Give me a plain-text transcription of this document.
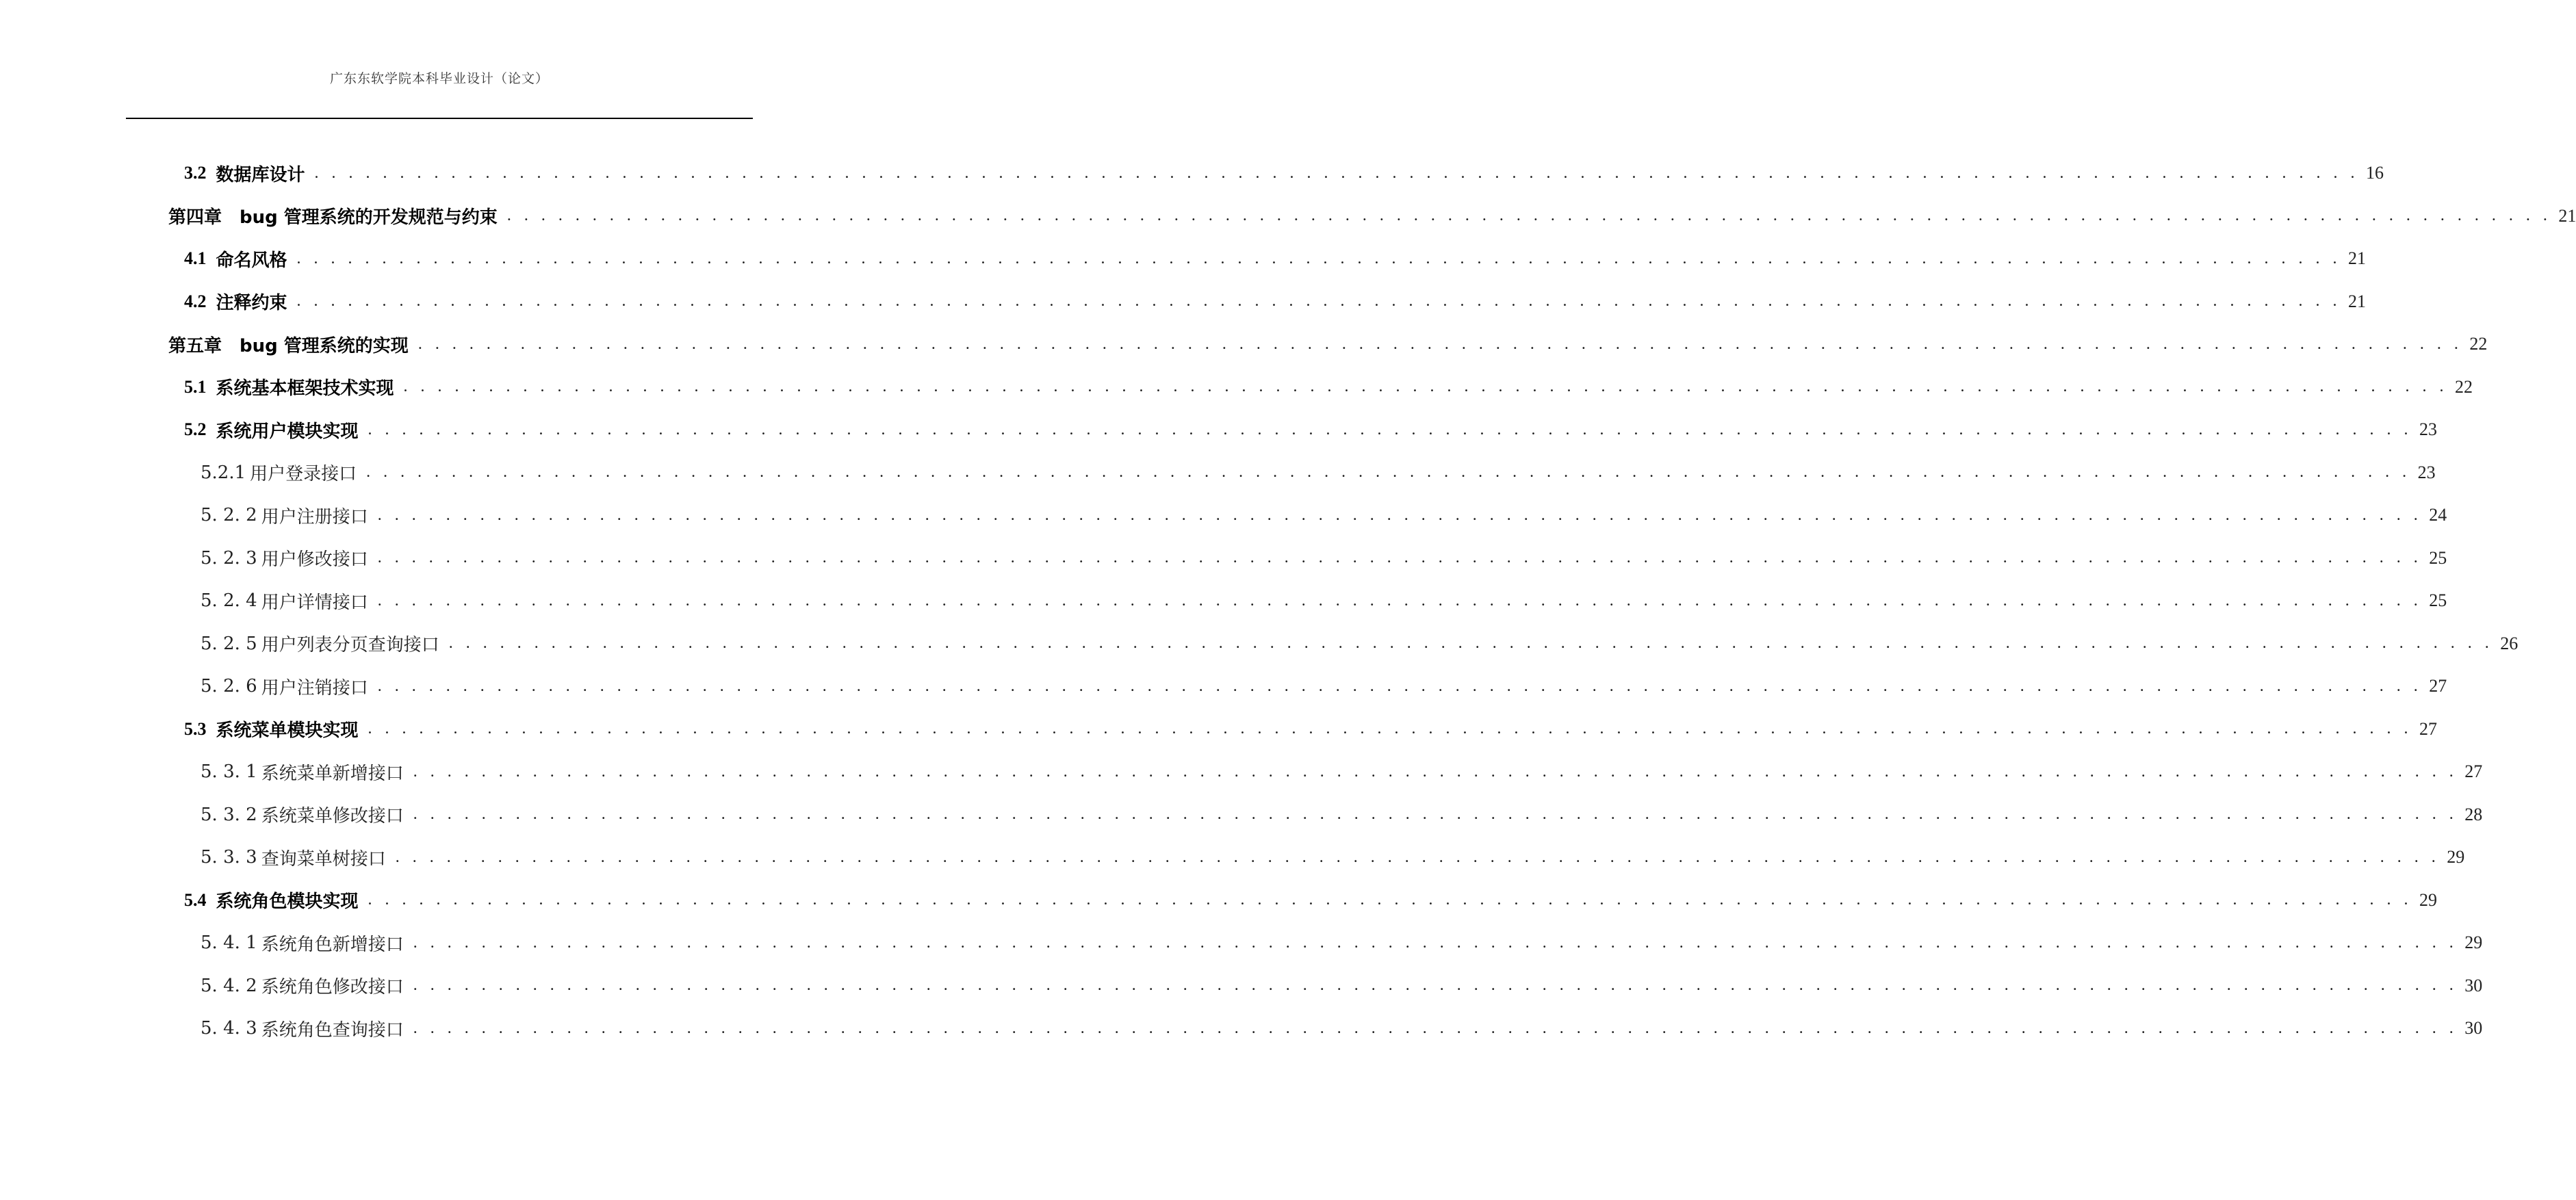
广东东软学院本科毕业设计（论文）
3.2 数据库设计 . . . . . . . . . . . . . . . . . . . . . . . . . . . . . . . . . . . . . . . . . . . . . . . . . . . . . . . . . . . . . . . . . . . . . . . . . . . . . . . . . . . . . . . . . . . . . . . . . . . . . . . . . . . . . . . . . . . . . . . . 16
第四章 bug 管理系统的开发规范与约束 . . . . . . . . . . . . . . . . . . . . . . . . . . . . . . . . . . . . . . . . . . . . . . . . . . . . . . . . . . . . . . . . . . . . . . . . . . . . . . . . . . . . . . . . . . . . . . . . . . . . . . . . . . . . . . . . . . . . . . . . 21
4.1 命名风格 . . . . . . . . . . . . . . . . . . . . . . . . . . . . . . . . . . . . . . . . . . . . . . . . . . . . . . . . . . . . . . . . . . . . . . . . . . . . . . . . . . . . . . . . . . . . . . . . . . . . . . . . . . . . . . . . . . . . . . . . 21
4.2 注释约束 . . . . . . . . . . . . . . . . . . . . . . . . . . . . . . . . . . . . . . . . . . . . . . . . . . . . . . . . . . . . . . . . . . . . . . . . . . . . . . . . . . . . . . . . . . . . . . . . . . . . . . . . . . . . . . . . . . . . . . . . 21
第五章 bug 管理系统的实现 . . . . . . . . . . . . . . . . . . . . . . . . . . . . . . . . . . . . . . . . . . . . . . . . . . . . . . . . . . . . . . . . . . . . . . . . . . . . . . . . . . . . . . . . . . . . . . . . . . . . . . . . . . . . . . . . . . . . . . . . 22
5.1 系统基本框架技术实现 . . . . . . . . . . . . . . . . . . . . . . . . . . . . . . . . . . . . . . . . . . . . . . . . . . . . . . . . . . . . . . . . . . . . . . . . . . . . . . . . . . . . . . . . . . . . . . . . . . . . . . . . . . . . . . . . . . . . . . . . 22
5.2 系统用户模块实现 . . . . . . . . . . . . . . . . . . . . . . . . . . . . . . . . . . . . . . . . . . . . . . . . . . . . . . . . . . . . . . . . . . . . . . . . . . . . . . . . . . . . . . . . . . . . . . . . . . . . . . . . . . . . . . . . . . . . . . . . 23
5.2.1 用户登录接口 . . . . . . . . . . . . . . . . . . . . . . . . . . . . . . . . . . . . . . . . . . . . . . . . . . . . . . . . . . . . . . . . . . . . . . . . . . . . . . . . . . . . . . . . . . . . . . . . . . . . . . . . . . . . . . . . . . . . . . . . 23
5. 2. 2 用户注册接口 . . . . . . . . . . . . . . . . . . . . . . . . . . . . . . . . . . . . . . . . . . . . . . . . . . . . . . . . . . . . . . . . . . . . . . . . . . . . . . . . . . . . . . . . . . . . . . . . . . . . . . . . . . . . . . . . . . . . . . . . 24
5. 2. 3 用户修改接口 . . . . . . . . . . . . . . . . . . . . . . . . . . . . . . . . . . . . . . . . . . . . . . . . . . . . . . . . . . . . . . . . . . . . . . . . . . . . . . . . . . . . . . . . . . . . . . . . . . . . . . . . . . . . . . . . . . . . . . . . 25
5. 2. 4 用户详情接口 . . . . . . . . . . . . . . . . . . . . . . . . . . . . . . . . . . . . . . . . . . . . . . . . . . . . . . . . . . . . . . . . . . . . . . . . . . . . . . . . . . . . . . . . . . . . . . . . . . . . . . . . . . . . . . . . . . . . . . . . 25
5. 2. 5 用户列表分页查询接口 . . . . . . . . . . . . . . . . . . . . . . . . . . . . . . . . . . . . . . . . . . . . . . . . . . . . . . . . . . . . . . . . . . . . . . . . . . . . . . . . . . . . . . . . . . . . . . . . . . . . . . . . . . . . . . . . . . . . . . . . 26
5. 2. 6 用户注销接口 . . . . . . . . . . . . . . . . . . . . . . . . . . . . . . . . . . . . . . . . . . . . . . . . . . . . . . . . . . . . . . . . . . . . . . . . . . . . . . . . . . . . . . . . . . . . . . . . . . . . . . . . . . . . . . . . . . . . . . . . 27
5.3 系统菜单模块实现 . . . . . . . . . . . . . . . . . . . . . . . . . . . . . . . . . . . . . . . . . . . . . . . . . . . . . . . . . . . . . . . . . . . . . . . . . . . . . . . . . . . . . . . . . . . . . . . . . . . . . . . . . . . . . . . . . . . . . . . . 27
5. 3. 1 系统菜单新增接口 . . . . . . . . . . . . . . . . . . . . . . . . . . . . . . . . . . . . . . . . . . . . . . . . . . . . . . . . . . . . . . . . . . . . . . . . . . . . . . . . . . . . . . . . . . . . . . . . . . . . . . . . . . . . . . . . . . . . . . . . 27
5. 3. 2 系统菜单修改接口 . . . . . . . . . . . . . . . . . . . . . . . . . . . . . . . . . . . . . . . . . . . . . . . . . . . . . . . . . . . . . . . . . . . . . . . . . . . . . . . . . . . . . . . . . . . . . . . . . . . . . . . . . . . . . . . . . . . . . . . . 28
5. 3. 3 查询菜单树接口 . . . . . . . . . . . . . . . . . . . . . . . . . . . . . . . . . . . . . . . . . . . . . . . . . . . . . . . . . . . . . . . . . . . . . . . . . . . . . . . . . . . . . . . . . . . . . . . . . . . . . . . . . . . . . . . . . . . . . . . . 29
5.4 系统角色模块实现 . . . . . . . . . . . . . . . . . . . . . . . . . . . . . . . . . . . . . . . . . . . . . . . . . . . . . . . . . . . . . . . . . . . . . . . . . . . . . . . . . . . . . . . . . . . . . . . . . . . . . . . . . . . . . . . . . . . . . . . . 29
5. 4. 1 系统角色新增接口 . . . . . . . . . . . . . . . . . . . . . . . . . . . . . . . . . . . . . . . . . . . . . . . . . . . . . . . . . . . . . . . . . . . . . . . . . . . . . . . . . . . . . . . . . . . . . . . . . . . . . . . . . . . . . . . . . . . . . . . . 29
5. 4. 2 系统角色修改接口 . . . . . . . . . . . . . . . . . . . . . . . . . . . . . . . . . . . . . . . . . . . . . . . . . . . . . . . . . . . . . . . . . . . . . . . . . . . . . . . . . . . . . . . . . . . . . . . . . . . . . . . . . . . . . . . . . . . . . . . . 30
5. 4. 3 系统角色查询接口 . . . . . . . . . . . . . . . . . . . . . . . . . . . . . . . . . . . . . . . . . . . . . . . . . . . . . . . . . . . . . . . . . . . . . . . . . . . . . . . . . . . . . . . . . . . . . . . . . . . . . . . . . . . . . . . . . . . . . . . . 30
